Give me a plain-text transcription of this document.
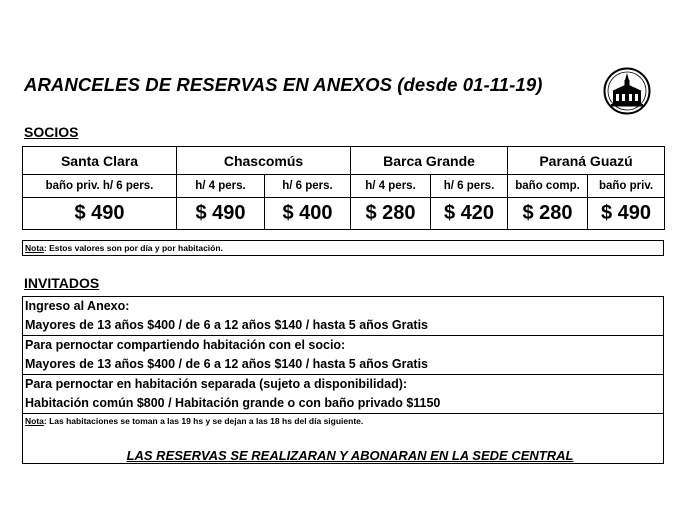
ARANCELES DE RESERVAS EN ANEXOS (desde 01-11-19)
SOCIOS
Santa Clara	Chascomús		Barca Grande		Paraná Guazú	
baño priv. h/ 6 pers.	h/ 4 pers.	h/ 6 pers.	h/ 4 pers.	h/ 6 pers.	baño comp.	baño priv.
$ 490	$ 490	$ 400	$ 280	$ 420	$ 280	$ 490
Nota: Estos valores son por día y por habitación.
INVITADOS
Ingreso al Anexo:
Mayores de 13 años $400 / de 6 a 12 años $140 / hasta 5 años Gratis
Para pernoctar compartiendo habitación con el socio:
Mayores de 13 años $400 / de 6 a 12 años $140 / hasta 5 años Gratis
Para pernoctar en habitación separada (sujeto a disponibilidad):
Habitación común $800 / Habitación grande o con baño privado $1150
Nota: Las habitaciones se toman a las 19 hs y se dejan a las 18 hs del día siguiente.
LAS RESERVAS SE REALIZARAN Y ABONARAN EN LA SEDE CENTRAL
